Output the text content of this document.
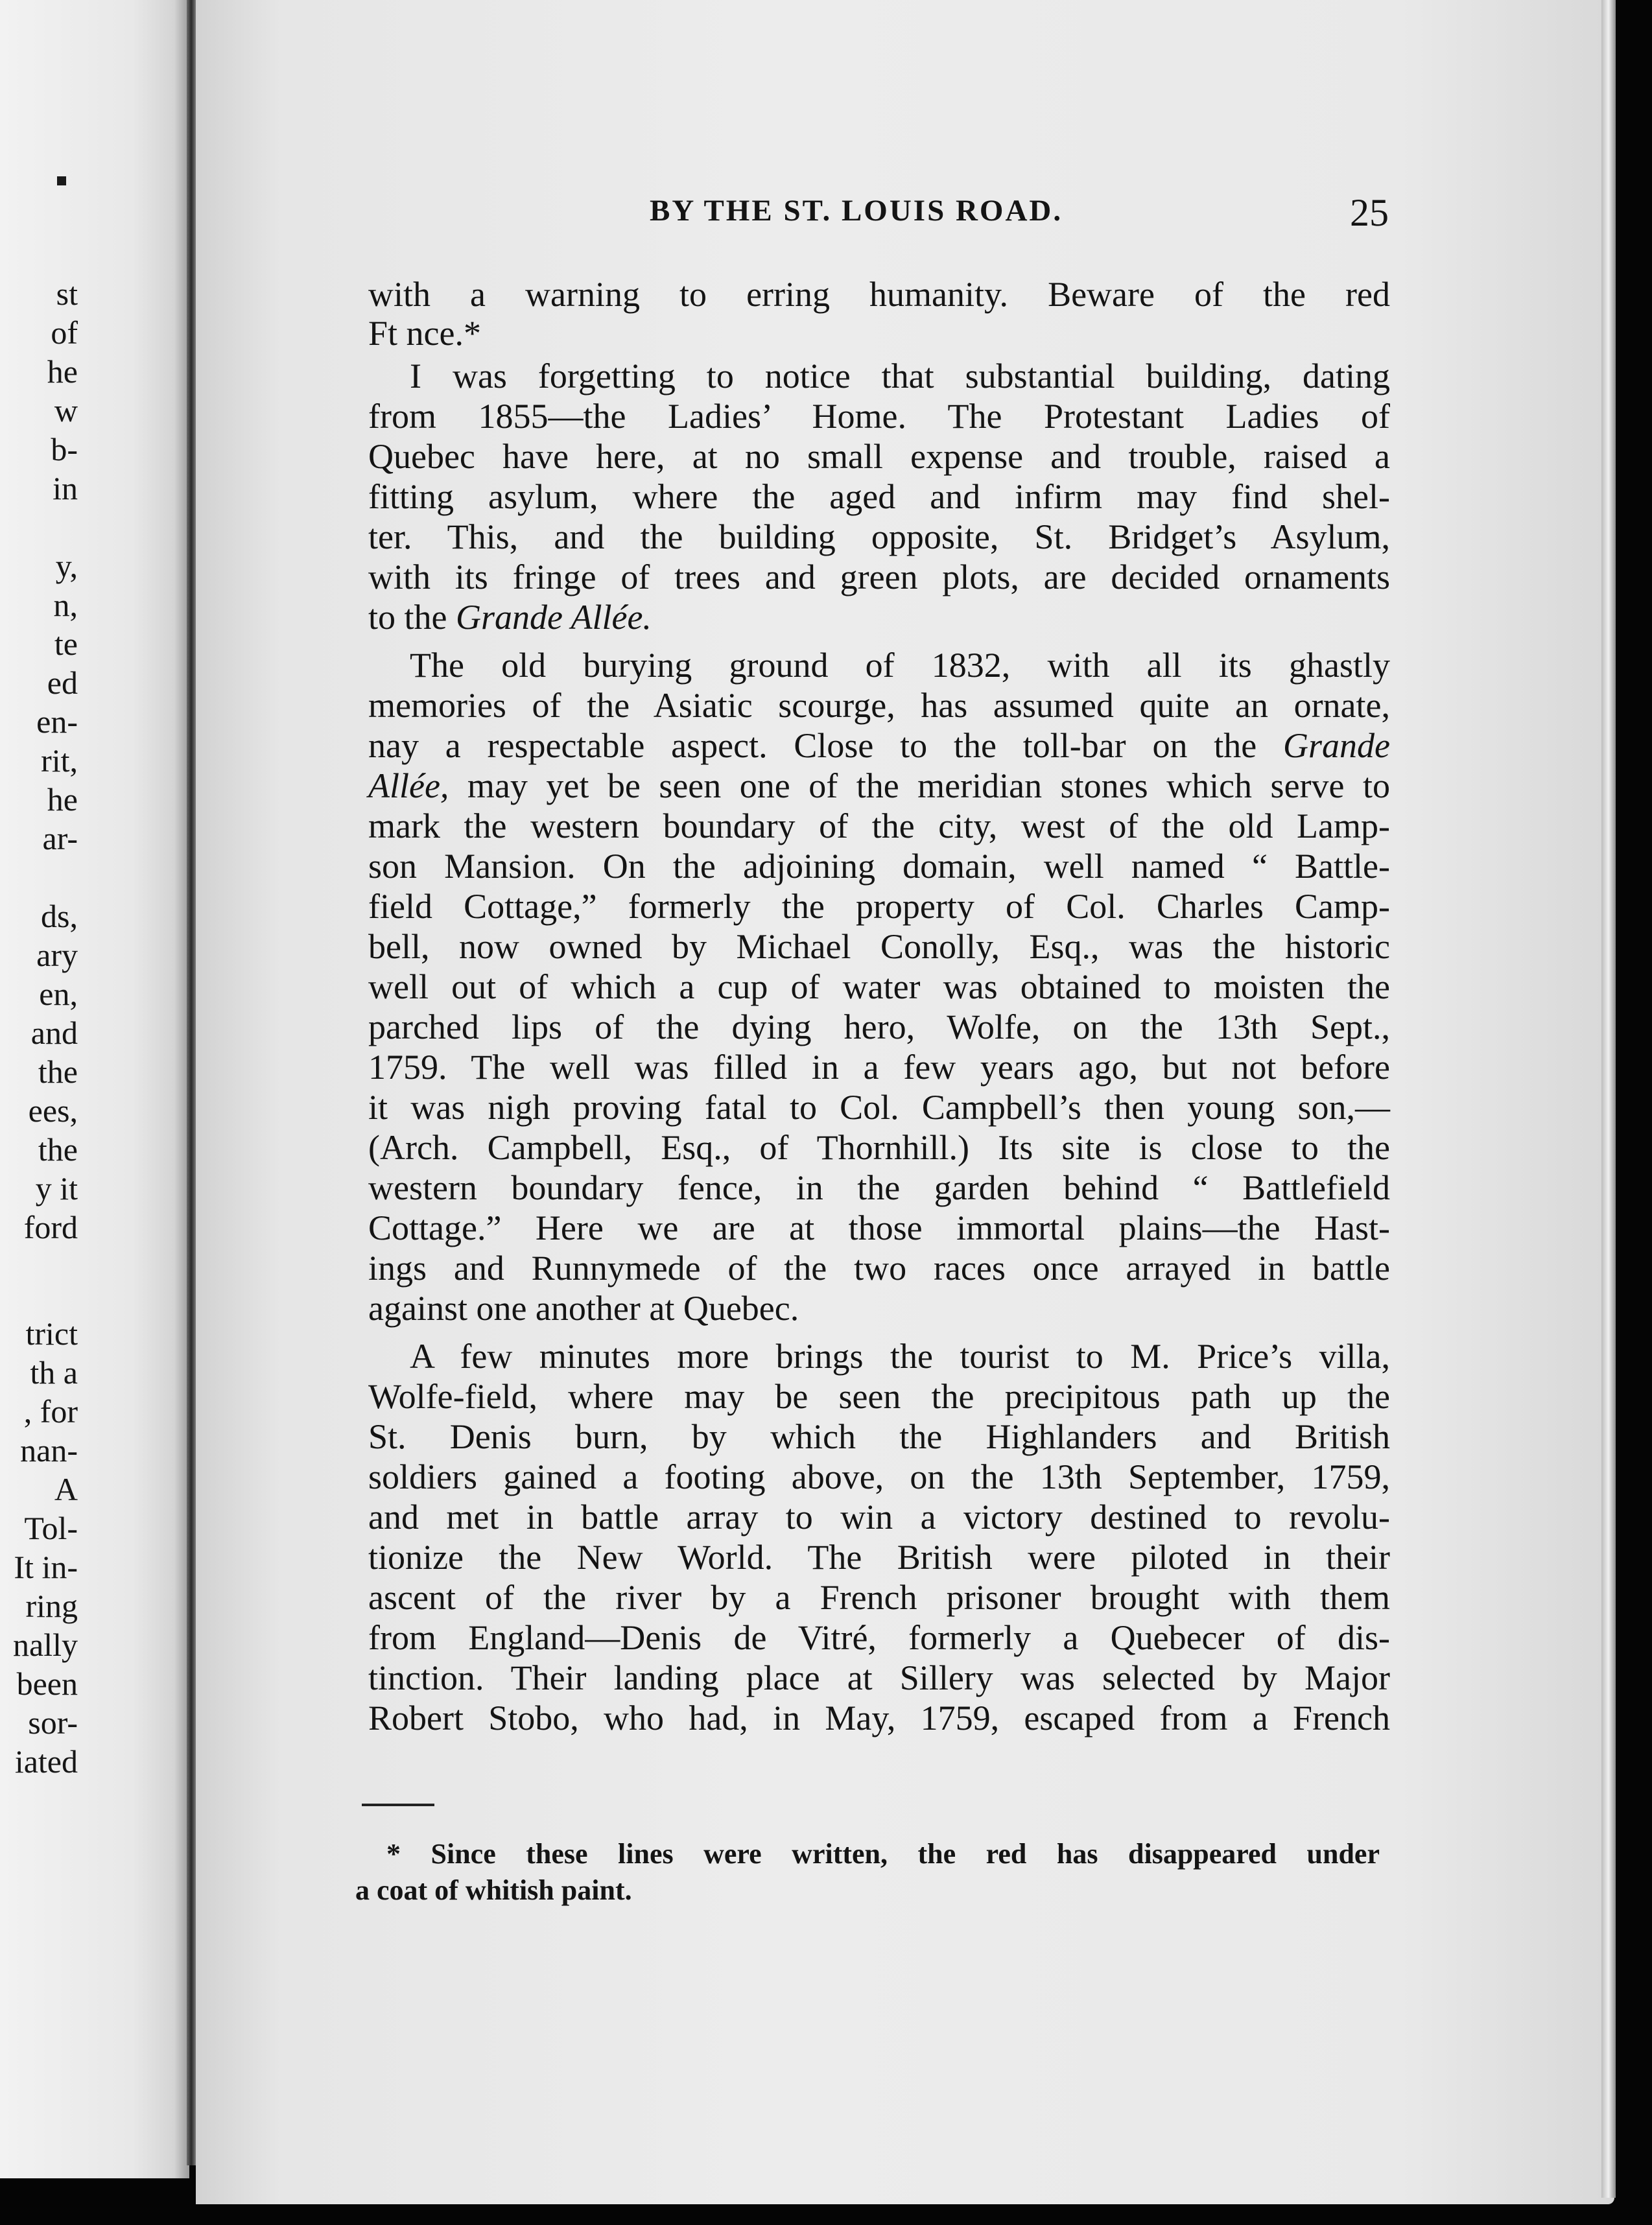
st
of
he
w
b-
in
y,
n,
te
ed
en-
rit,
he
ar-
ds,
ary
en,
and
the
ees,
the
y it
ford
trict
th a
, for
nan-
A
Tol-
It in-
ring
nally
been
sor-
iated
BY THE ST. LOUIS ROAD.	25
with a warning to erring humanity. Beware of the red
Ft nce.*
I was forgetting to notice that substantial building, dating
from 1855—the Ladies’ Home. The Protestant Ladies of
Quebec have here, at no small expense and trouble, raised a
fitting asylum, where the aged and infirm may find shel-
ter. This, and the building opposite, St. Bridget’s Asylum,
with its fringe of trees and green plots, are decided ornaments
to the Grande Allée.
The old burying ground of 1832, with all its ghastly
memories of the Asiatic scourge, has assumed quite an ornate,
nay a respectable aspect. Close to the toll-bar on the Grande
Allée, may yet be seen one of the meridian stones which serve to
mark the western boundary of the city, west of the old Lamp-
son Mansion. On the adjoining domain, well named “ Battle-
field Cottage,” formerly the property of Col. Charles Camp-
bell, now owned by Michael Conolly, Esq., was the historic
well out of which a cup of water was obtained to moisten the
parched lips of the dying hero, Wolfe, on the 13th Sept.,
1759. The well was filled in a few years ago, but not before
it was nigh proving fatal to Col. Campbell’s then young son,—
(Arch. Campbell, Esq., of Thornhill.) Its site is close to the
western boundary fence, in the garden behind “ Battlefield
Cottage.” Here we are at those immortal plains—the Hast-
ings and Runnymede of the two races once arrayed in battle
against one another at Quebec.
A few minutes more brings the tourist to M. Price’s villa,
Wolfe-field, where may be seen the precipitous path up the
St. Denis burn, by which the Highlanders and British
soldiers gained a footing above, on the 13th September, 1759,
and met in battle array to win a victory destined to revolu-
tionize the New World. The British were piloted in their
ascent of the river by a French prisoner brought with them
from England—Denis de Vitré, formerly a Quebecer of dis-
tinction. Their landing place at Sillery was selected by Major
Robert Stobo, who had, in May, 1759, escaped from a French
* Since these lines were written, the red has disappeared under
a coat of whitish paint.
